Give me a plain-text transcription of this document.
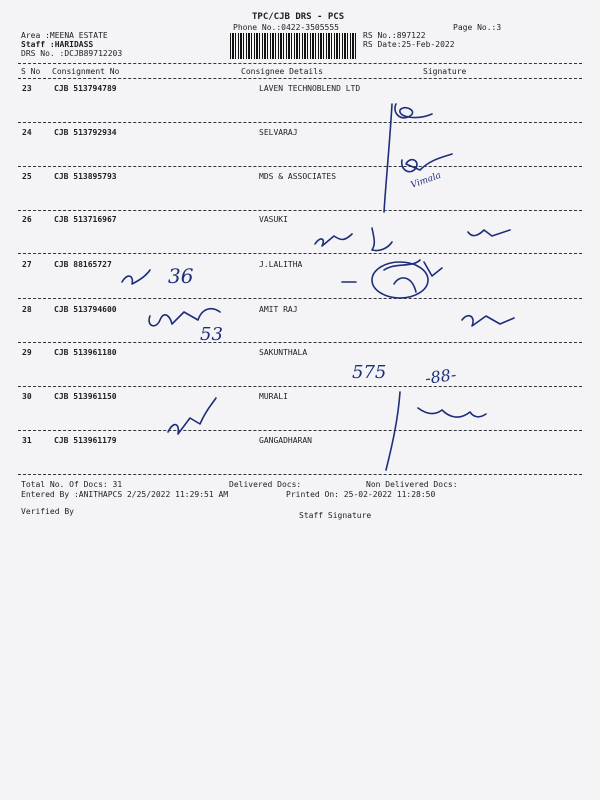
TPC/CJB DRS - PCS
Phone No.:0422-3505555	Page No.:3
Area :MEENA ESTATE
Staff :HARIDASS
DRS No. :DCJB89712203
RS No.:897122
RS Date:25-Feb-2022
S No Consignment No	Consignee Details	Signature
23	CJB 513794789	LAVEN TECHNOBLEND LTD
24	CJB 513792934	SELVARAJ
25	CJB 513895793	MDS & ASSOCIATES
26	CJB 513716967	VASUKI
27	CJB 88165727	J.LALITHA
28	CJB 513794600	AMIT RAJ
29	CJB 513961180	SAKUNTHALA
30	CJB 513961150	MURALI
31	CJB 513961179	GANGADHARAN
Total No. Of Docs: 31	Delivered Docs:	Non Delivered Docs:
Entered By :ANITHAPCS 2/25/2022 11:29:51 AM	Printed On: 25-02-2022 11:28:50
Verified By	Staff Signature
Vimala
36
53
575 -88-
